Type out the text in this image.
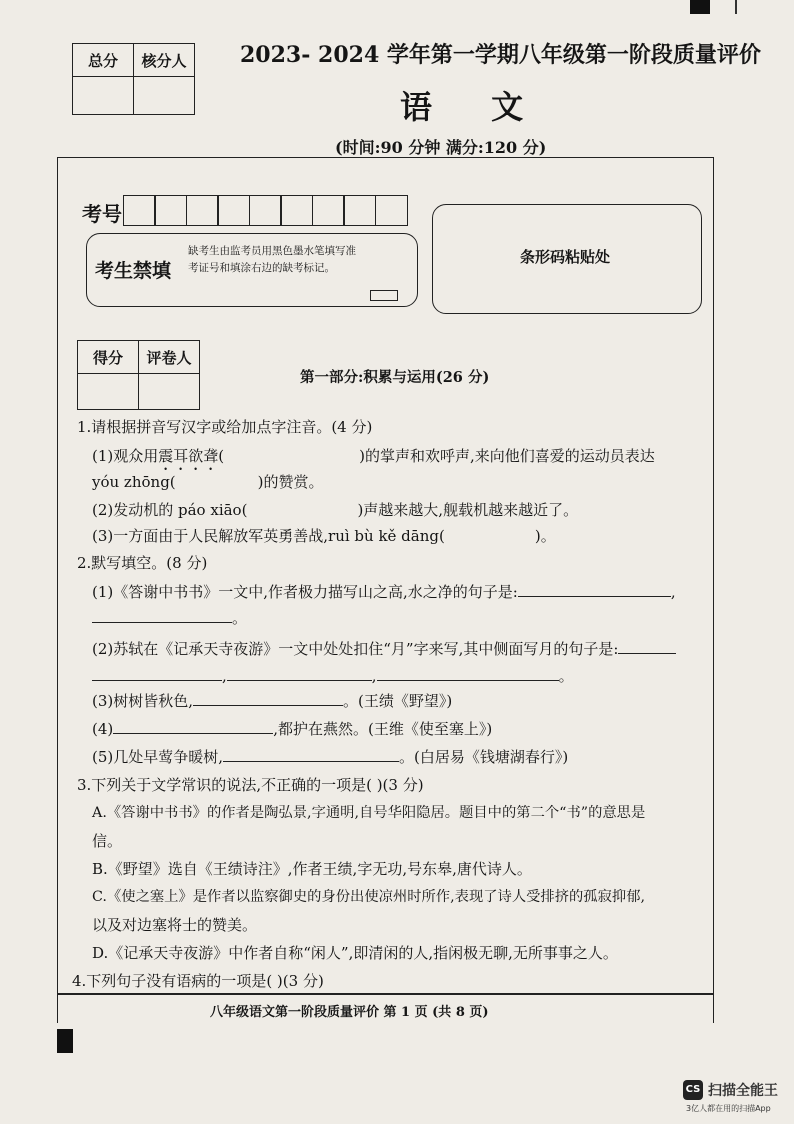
总分	核分人
	2023- 2024 学年第一学期八年级第一阶段质量评价
语 文
(时间:90 分钟 满分:120 分)
考号
考生禁填
缺考生由监考员用黑色墨水笔填写准考证号和填涂右边的缺考标记。
条形码粘贴处
得分	评卷人

第一部分:积累与运用(26 分)
1.请根据拼音写汉字或给加点字注音。(4 分)
(1)观众用震耳欲聋(	)的掌声和欢呼声,来向他们喜爱的运动员表达
yóu zhōng(	)的赞赏。
(2)发动机的 páo xiāo(	)声越来越大,舰载机越来越近了。
(3)一方面由于人民解放军英勇善战,ruì bù kě dāng(	)。
2.默写填空。(8 分)
(1)《答谢中书书》一文中,作者极力描写山之高,水之净的句子是:	,
。
(2)苏轼在《记承天寺夜游》一文中处处扣住“月”字来写,其中侧面写月的句子是:
,	,	。
(3)树树皆秋色,	。(王绩《野望》)
(4)	,都护在燕然。(王维《使至塞上》)
(5)几处早莺争暖树,	。(白居易《钱塘湖春行》)
3.下列关于文学常识的说法,不正确的一项是( )(3 分)
A.《答谢中书书》的作者是陶弘景,字通明,自号华阳隐居。题目中的第二个“书”的意思是
信。
B.《野望》选自《王绩诗注》,作者王绩,字无功,号东皋,唐代诗人。
C.《使之塞上》是作者以监察御史的身份出使凉州时所作,表现了诗人受排挤的孤寂抑郁,
以及对边塞将士的赞美。
D.《记承天寺夜游》中作者自称“闲人”,即清闲的人,指闲极无聊,无所事事之人。
4.下列句子没有语病的一项是( )(3 分)
八年级语文第一阶段质量评价 第 1 页 (共 8 页)
CS 扫描全能王
3亿人都在用的扫描App
